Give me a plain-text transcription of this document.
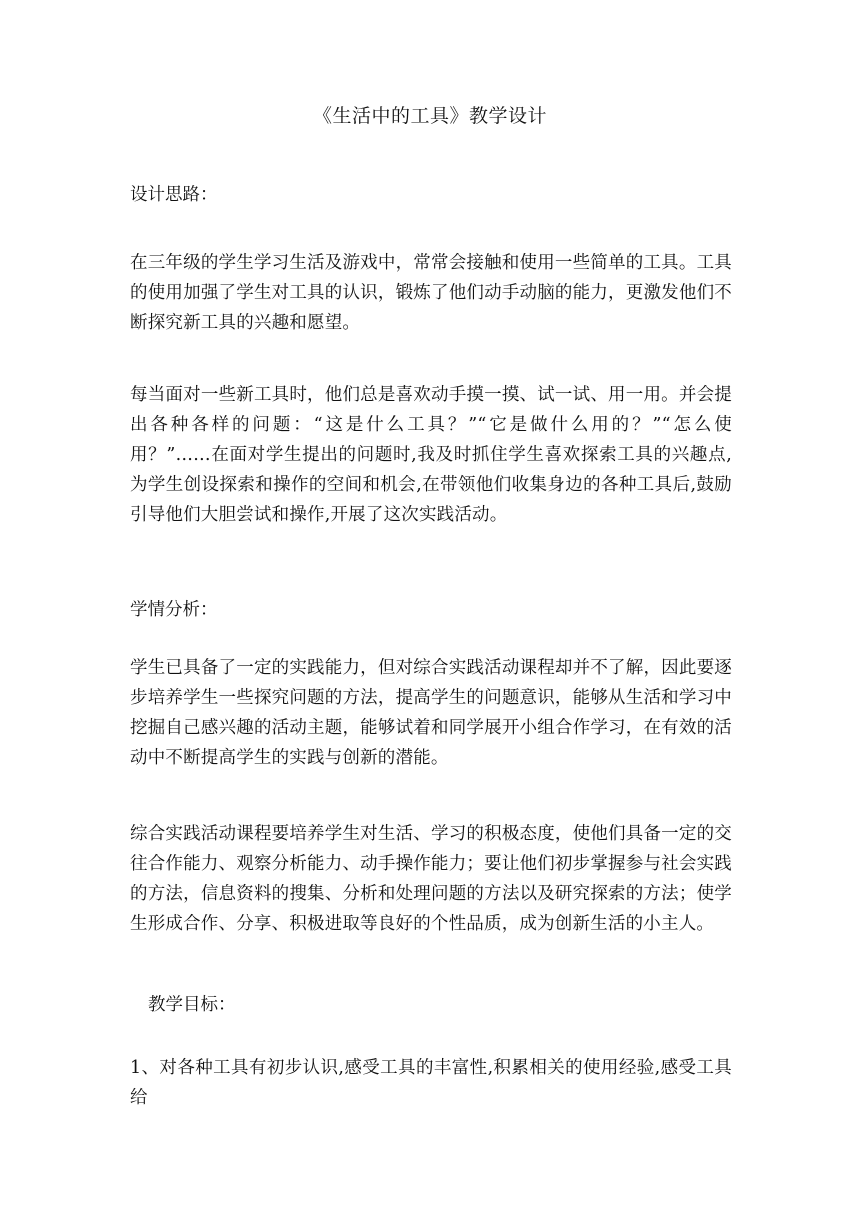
《生活中的工具》教学设计
设计思路：

在三年级的学生学习生活及游戏中，常常会接触和使用一些简单的工具。工具的使用加强了学生对工具的认识，锻炼了他们动手动脑的能力，更激发他们不断探究新工具的兴趣和愿望。

每当面对一些新工具时，他们总是喜欢动手摸一摸、试一试、用一用。并会提出各种各样的问题：“这是什么工具？”“它是做什么用的？”“怎么使用？”……在面对学生提出的问题时,我及时抓住学生喜欢探索工具的兴趣点,为学生创设探索和操作的空间和机会,在带领他们收集身边的各种工具后,鼓励引导他们大胆尝试和操作,开展了这次实践活动。

学情分析：

学生已具备了一定的实践能力，但对综合实践活动课程却并不了解，因此要逐步培养学生一些探究问题的方法，提高学生的问题意识，能够从生活和学习中挖掘自己感兴趣的活动主题，能够试着和同学展开小组合作学习，在有效的活动中不断提高学生的实践与创新的潜能。

综合实践活动课程要培养学生对生活、学习的积极态度，使他们具备一定的交往合作能力、观察分析能力、动手操作能力；要让他们初步掌握参与社会实践的方法，信息资料的搜集、分析和处理问题的方法以及研究探索的方法；使学生形成合作、分享、积极进取等良好的个性品质，成为创新生活的小主人。

教学目标：

1、对各种工具有初步认识,感受工具的丰富性,积累相关的使用经验,感受工具给
